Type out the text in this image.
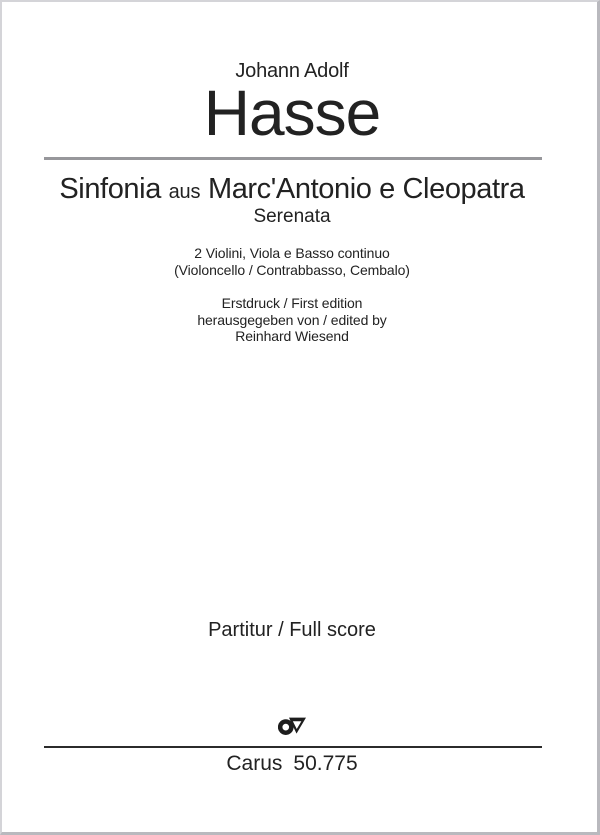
Johann Adolf
Hasse
Sinfonia aus Marc'Antonio e Cleopatra
Serenata
2 Violini, Viola e Basso continuo
(Violoncello / Contrabbasso, Cembalo)
Erstdruck / First edition
herausgegeben von / edited by
Reinhard Wiesend
Partitur / Full score
Carus 50.775
